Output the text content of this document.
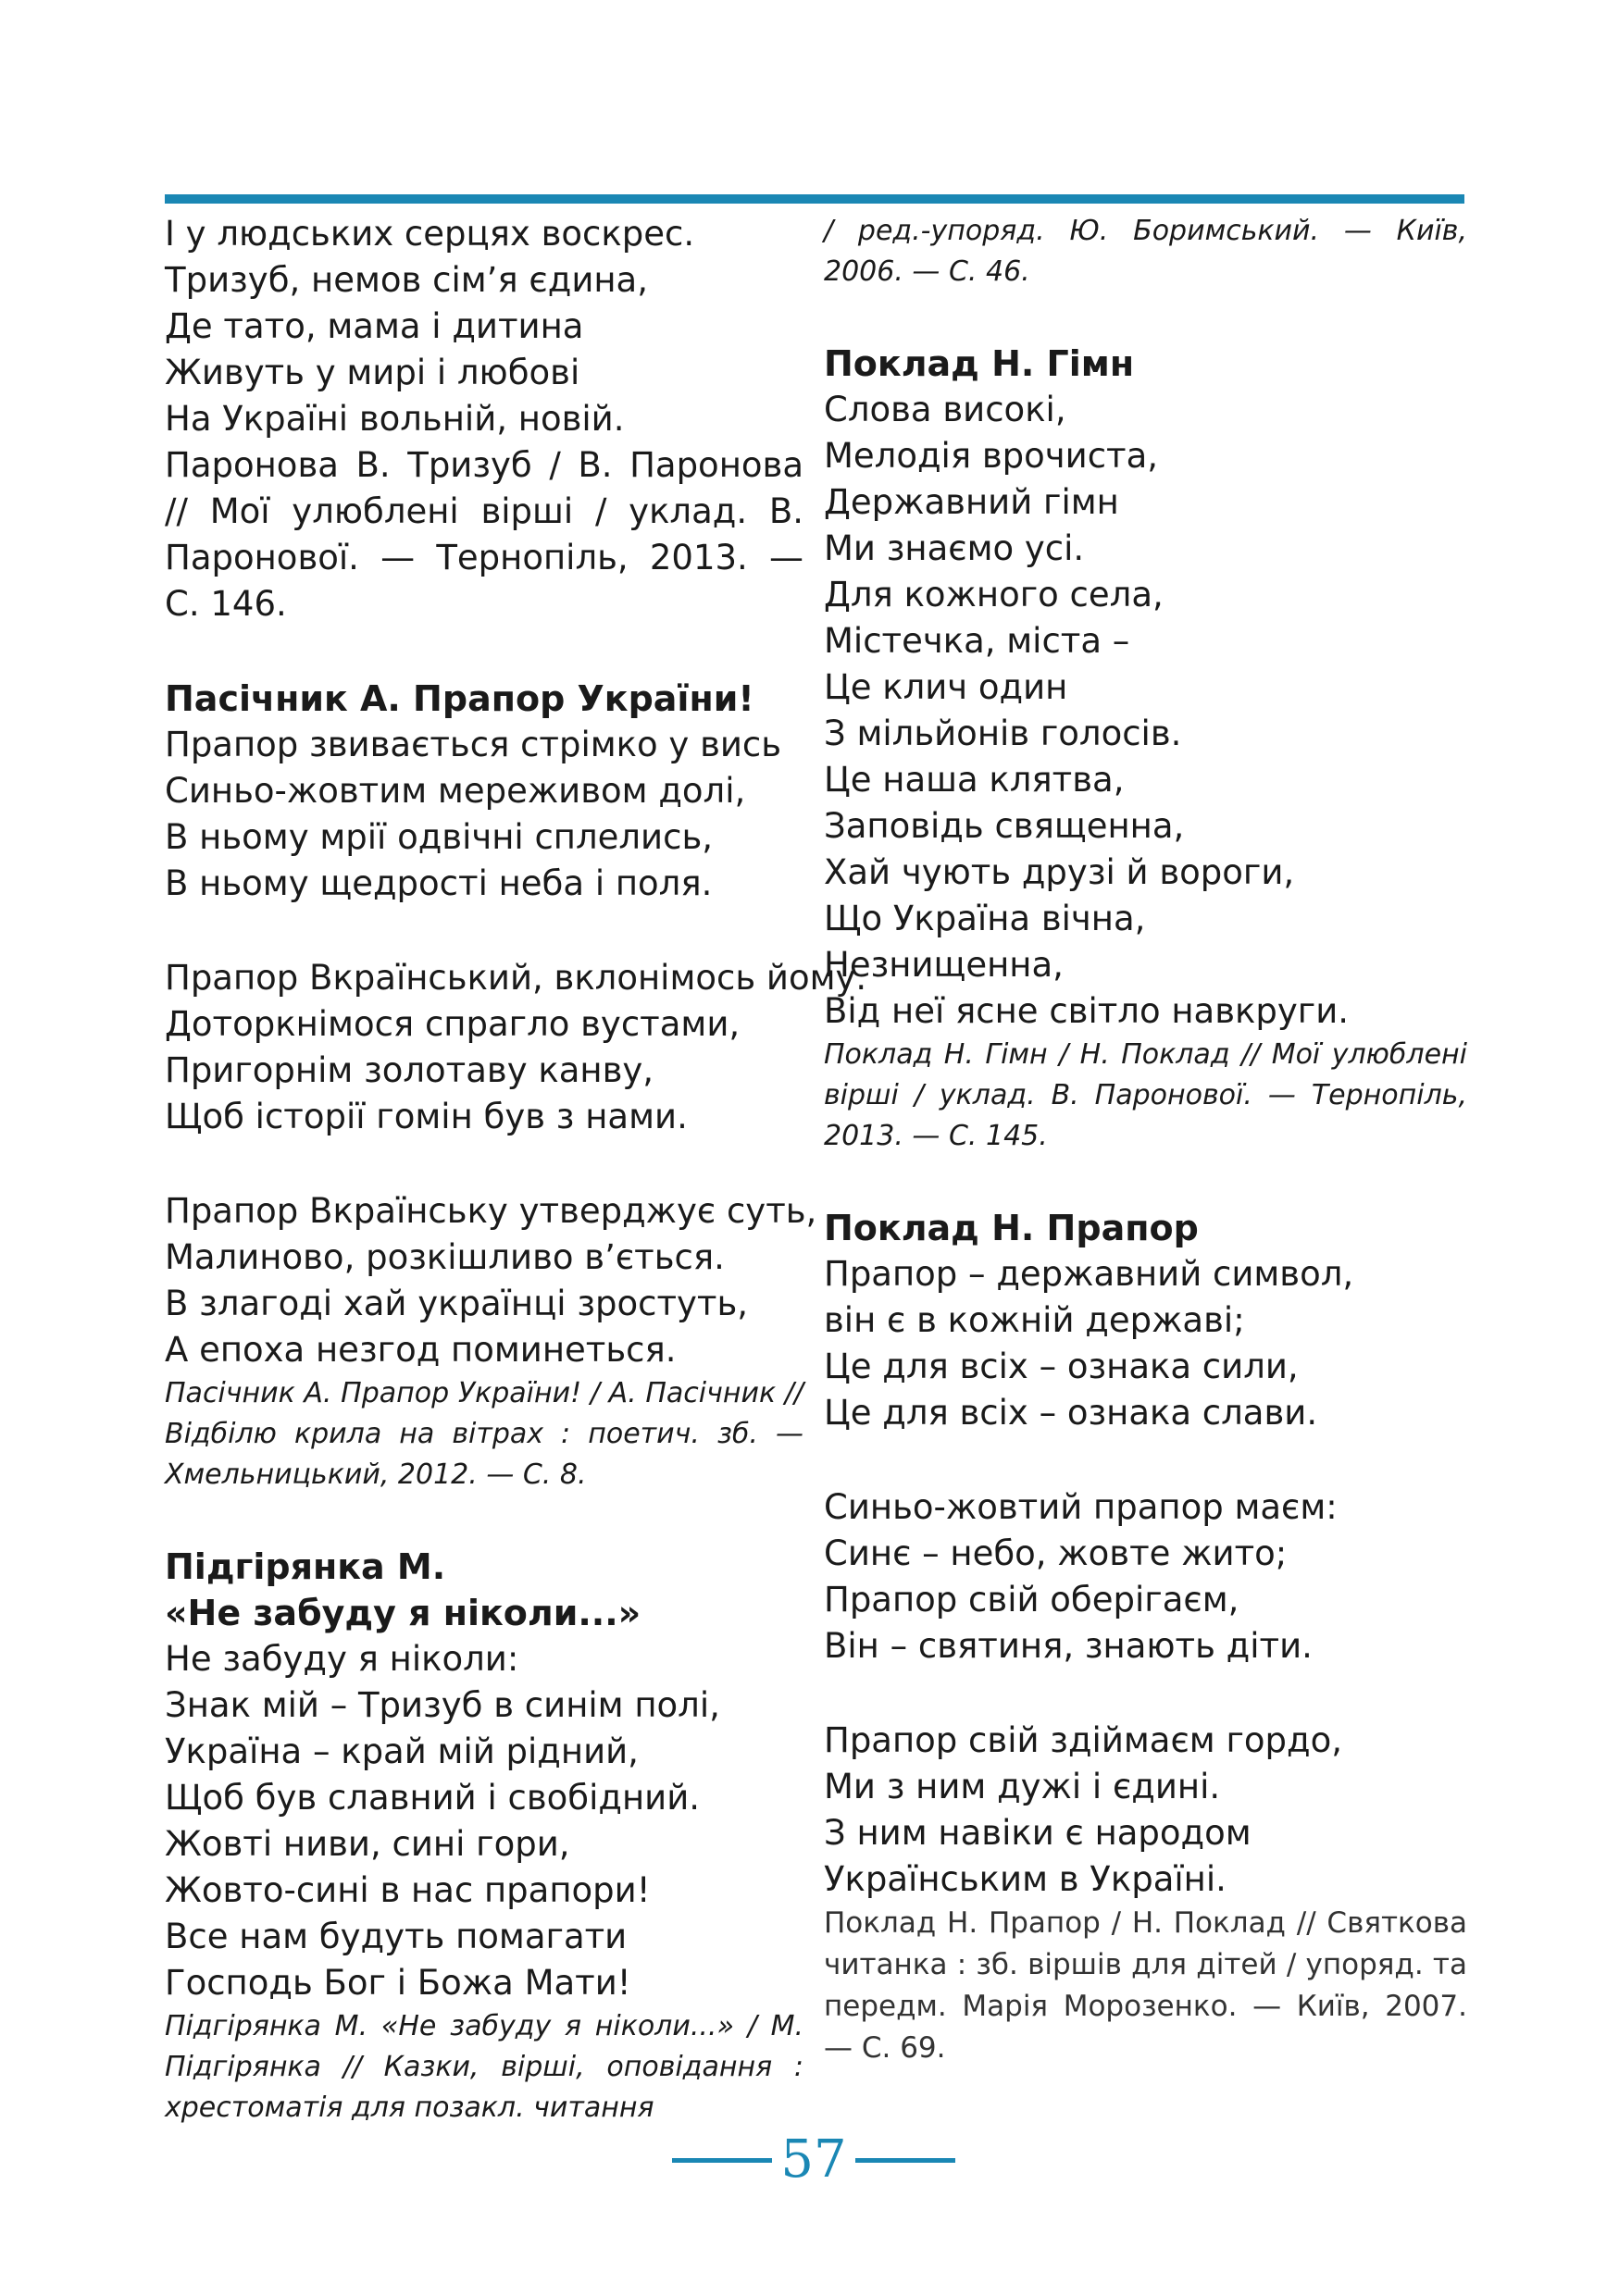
І у людських серцях воскрес.
Тризуб, немов сім’я єдина,
Де тато, мама і дитина
Живуть у мирі і любові
На Україні вольній, новій.
Паронова В. Тризуб / В. Паронова // Мої улюблені вірші / уклад. В. Паронової. — Тернопіль, 2013. — С. 146.
Пасічник А. Прапор України!
Прапор звивається стрімко у вись
Синьо-жовтим мереживом долі,
В ньому мрії одвічні сплелись,
В ньому щедрості неба і поля.
Прапор Вкраїнський, вклонімось йому.
Доторкнімося спрагло вустами,
Пригорнім золотаву канву,
Щоб історії гомін був з нами.
Прапор Вкраїнську утверджує суть,
Малиново, розкішливо в’ється.
В злагоді хай українці зростуть,
А епоха незгод поминеться.
Пасічник А. Прапор України! / А. Пасічник // Відбілю крила на вітрах : поетич. зб. — Хмельницький, 2012. — С. 8.
Підгірянка М.
«Не забуду я ніколи...»
Не забуду я ніколи:
Знак мій – Тризуб в синім полі,
Україна – край мій рідний,
Щоб був славний і свобідний.
Жовті ниви, сині гори,
Жовто-сині в нас прапори!
Все нам будуть помагати
Господь Бог і Божа Мати!
Підгірянка М. «Не забуду я ніколи...» / М. Підгірянка // Казки, вірші, оповідання : хрестоматія для позакл. читання
/ ред.-упоряд. Ю. Боримський. — Київ, 2006. — С. 46.
Поклад Н. Гімн
Слова високі,
Мелодія врочиста,
Державний гімн
Ми знаємо усі.
Для кожного села,
Містечка, міста –
Це клич один
З мільйонів голосів.
Це наша клятва,
Заповідь священна,
Хай чують друзі й вороги,
Що Україна вічна,
Незнищенна,
Від неї ясне світло навкруги.
Поклад Н. Гімн / Н. Поклад // Мої улюблені вірші / уклад. В. Паронової. — Тернопіль, 2013. — С. 145.
Поклад Н. Прапор
Прапор – державний символ,
він є в кожній державі;
Це для всіх – ознака сили,
Це для всіх – ознака слави.
Синьо-жовтий прапор маєм:
Синє – небо, жовте жито;
Прапор свій оберігаєм,
Він – святиня, знають діти.
Прапор свій здіймаєм гордо,
Ми з ним дужі і єдині.
З ним навіки є народом
Українським в Україні.
Поклад Н. Прапор / Н. Поклад // Святкова читанка : зб. віршів для дітей / упоряд. та передм. Марія Морозенко. — Київ, 2007. — С. 69.
57
